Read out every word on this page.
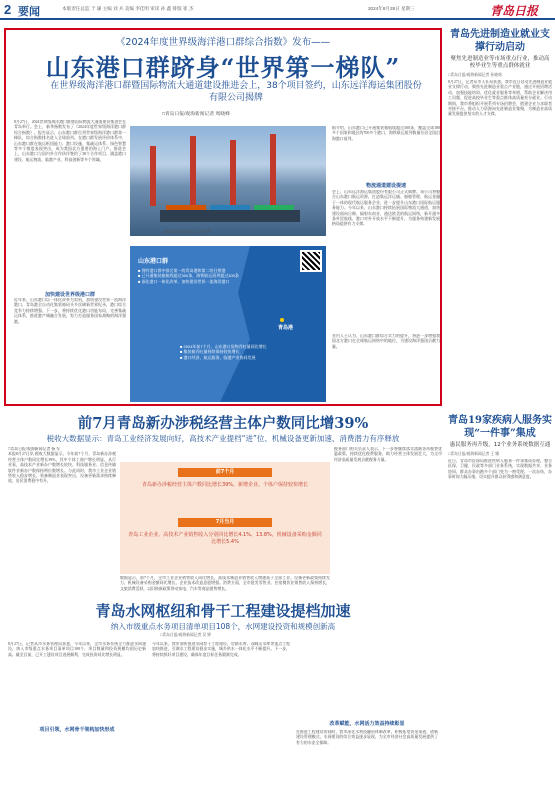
2 要闻	本版责任总监 于 谦 主编 刘 兵 美编 李佳明 审读 孙 鑫 排版 崔 杰	2024年8月28日 星期三	青岛日报
《2024年度世界级海洋港口群综合指数》发布——
山东港口群跻身“世界第一梯队”
在世界级海洋港口群暨国际物流大通道建设推进会上，38个项目签约，山东远洋海运集团股份有限公司揭牌
□青岛日报/观海新闻记者 周晓峰
8月27日，2024世界级海洋港口群暨国际物流大通道建设推进会在青岛举行。会上，新华指数发布了《2024年度世界级海洋港口群综合指数》。报告显示，山东港口群位列世界级海洋港口群第一梯队，综合指数排名进入全球前列。在港口群发展评价体系中，山东港口群在航运枢纽能力、港口设施、集疏运体系、绿色智慧等多个维度表现突出，成为我国北方重要的海上门户。推进会上，山东港口与国内外合作伙伴签约了38个合作项目，涵盖港口建设、航运物流、临港产业、科技创新等多个领域。
加快建设世界级港口群
近年来，山东港口以一体化改革为契机，加快建设世界一流海洋港口，青岛港全自动化集装箱码头多次刷新世界纪录，港口综合竞争力持续增强。下一步，将持续优化港口功能布局，完善集疏运体系，推进港产城融合发展，努力打造服务国家战略的海洋强港。
■青岛港自动化码头 记者 摄
据介绍，山东港口已开通集装箱航线超过300条，覆盖全球180多个国家和地区的700多个港口，海铁联运班列数量位居全国沿海港口前列。
物流通道建设提速
会上，山东远洋海运集团股份有限公司正式揭牌。该公司将整合山东港口航运资源，打造集远洋运输、船舶管理、航运金融于一体的现代航运服务企业，进一步提升山东港口国际航运服务能力。今年以来，山东港口持续拓展国际物流大通道，加快建设面向日韩、辐射东南亚、通达欧美的航运网络，新开通多条外贸航线，港口对外开放水平不断提升，为服务构建新发展格局提供有力支撑。
山东港口群
■ 拥有港口群中排名第一的青岛港和第二的日照港
■ 已开通集装箱航线超过300条，海铁联运班列超过100条
■ 深化港口一体化改革，加快建设世界一流海洋港口
青岛港
■ 2024年前7个月，山东港口货物吞吐量同比增长
■ 集装箱吞吐量持续保持较快增长
■ 港口经济、航运服务、临港产业协同发展
业内人士认为，山东港口群综合实力的提升，将进一步增强我国北方港口在全球航运网络中的地位，为建设海洋强国贡献力量。
青岛先进制造业就业支撑行动启动
聚焦先进制造业等市场重点行业，推动高校毕业生等重点群体就业
□青岛日报/观海新闻记者 孙晓萌
8月27日，记者从市人社局获悉，我市近日启动先进制造业就业支撑行动，聚焦先进制造业重点产业链，通过开展招聘活动、加强技能培训、优化就业服务等举措，帮助企业解决用工问题，促进高校毕业生等重点群体高质量充分就业。行动期间，我市将组织开展系列专场招聘会，搭建企业与求职者对接平台，推动人力资源向先进制造业集聚，为制造业高质量发展提供坚实的人才支撑。
青岛19家疾病人服务实现“一件事”集成
惠民服务再升级，12个业务系统数据互通
□青岛日报/观海新闻记者 王 娜
近日，青岛市医保局推进疾病人服务一件事集成办理，整合医保、卫健、民政等多部门业务系统，实现数据共享、业务协同，群众办事由跑多个部门变为一窗受理、一次办结，办事时间大幅压缩，切实提升群众获得感和满意度。
前7月青岛新办涉税经营主体户数同比增39%
税收大数据显示：青岛工业经济发展向好，高技术产业提档“进”位、机械设备更新加速、消费潜力有序释放
□青岛日报/观海新闻记者 杨 军
本报8月27日讯 税收大数据显示，今年前7个月，青岛新办涉税经营主体户数同比增长39%，其中个体工商户增长明显。从行业看，高技术产业新办户数增长较快，科技服务业、信息传输软件业新办户数保持两位数增长。与此同时，我市工业企业销售收入稳步增长，装备制造业表现突出，设备更新需求持续释放，居民消费稳中有升。
前7个月
青岛新办涉税经营主体户数同比增长39%，新增企业、个体户保持较快增长
7月当月
青岛工业企业、高技术产业销售收入分别同比增长4.1%、13.8%，机械设备采购金额同比增长5.4%
数据显示，前7个月，全市工业企业销售收入同比增长，高技术制造业销售收入增速高于全部工业。设备更新政策持续发力，机械设备采购金额同比增长，企业技术改造意愿增强。消费方面，全市批发零售业、住宿餐饮业销售收入保持增长，文旅消费活跃，以旧换新政策带动家电、汽车等商品销售增长。
税务部门相关负责人表示，下一步将继续落实落细各项税费优惠政策，持续优化税费服务，助力经营主体发展壮大，为全市经济高质量发展贡献税务力量。
青岛水网枢纽和骨干工程建设提档加速
纳入市级重点水务项目清单项目108个，水网建设投资和规模创新高
□青岛日报/观海新闻记者 吴 婷
8月27日，记者从市水务管理局获悉，今年以来，全市水务系统全力推进水网建设，纳入市级重点水务项目清单项目108个，项目数量和投资规模均创历史新高。截至目前，已开工建设项目进展顺利，完成投资同比增长明显。
项目引领，水网骨干架构加快形成
今年以来，我市加快推进水网骨干工程建设，官路水库、双峰山水库等重点工程加快推进，引调水工程建设稳步实施，城乡供水一体化水平不断提升。下一步，将持续抓好项目建设，确保年度目标任务圆满完成。
改革赋能，水网活力效益持续彰显
在推进工程建设的同时，我市深化水利投融资体制改革，积极拓宽资金渠道，创新建设管理模式，水网建设的综合效益逐步显现，为全市经济社会高质量发展提供了有力的水安全保障。
